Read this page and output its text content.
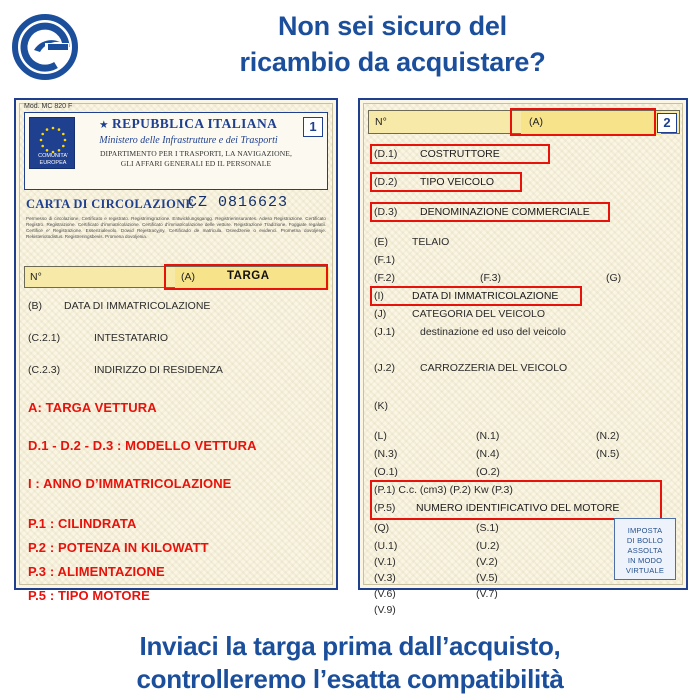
Non sei sicuro del
ricambio da acquistare?
Mod. MC 820 F
COMUNITA’ EUROPEA
★ REPUBBLICA ITALIANA
Ministero delle Infrastrutture e dei Trasporti
DIPARTIMENTO PER I TRASPORTI, LA NAVIGAZIONE,
GLI AFFARI GENERALI ED IL PERSONALE
1
CARTA DI CIRCOLAZIONE
CZ 0816623
Permesso di circolazione, Certificato e registrato. Registrimigrazione. Entwicklungsgangg. Registrierinsurantes. Adeso Registrazione. Certificato Registro. Registrazione. Certificato d’immatricolazione. Certificato d’immatricolazione delle vetture. Registrazione Tradizione. Foggiate regalatii. Certifice e’ Registrazione. Essenzialevolo. Dowid Rejestracyjny. Certificado de matricula. Osvedzenie o evidenci. Prometna dovoljenje. Rekisteriotodistus. Registreringsbevis. Promena dovoljenia.
N°	(A)	TARGA
(B) DATA DI IMMATRICOLAZIONE
(C.2.1)	INTESTATARIO
(C.2.3)	INDIRIZZO DI RESIDENZA
A: TARGA VETTURA
D.1 - D.2 - D.3 : MODELLO VETTURA
I : ANNO D’IMMATRICOLAZIONE
P.1 : CILINDRATA
P.2 : POTENZA IN KILOWATT
P.3 : ALIMENTAZIONE
P.5 : TIPO MOTORE
N°	(A)	2
(D.1) COSTRUTTORE
(D.2) TIPO VEICOLO
(D.3) DENOMINAZIONE COMMERCIALE
(E) TELAIO
(F.1)
(F.2)	(F.3)	(G)
(I)	DATA DI IMMATRICOLAZIONE
(J) CATEGORIA DEL VEICOLO
(J.1) destinazione ed uso del veicolo
(J.2) CARROZZERIA DEL VEICOLO
(K)
(L)	(N.1)	(N.2)
(N.3)	(N.4)	(N.5)
(O.1)	(O.2)
(P.1) C.c. (cm3) (P.2) Kw (P.3)
(P.5) NUMERO IDENTIFICATIVO DEL MOTORE
(Q)	(S.1)
(U.1)	(U.2)
(V.1)	(V.2)
(V.3)	(V.5)
(V.6)	(V.7)
(V.9)
IMPOSTA
DI BOLLO
ASSOLTA
IN MODO
VIRTUALE
Inviaci la targa prima dall’acquisto,
controlleremo l’esatta compatibilità
